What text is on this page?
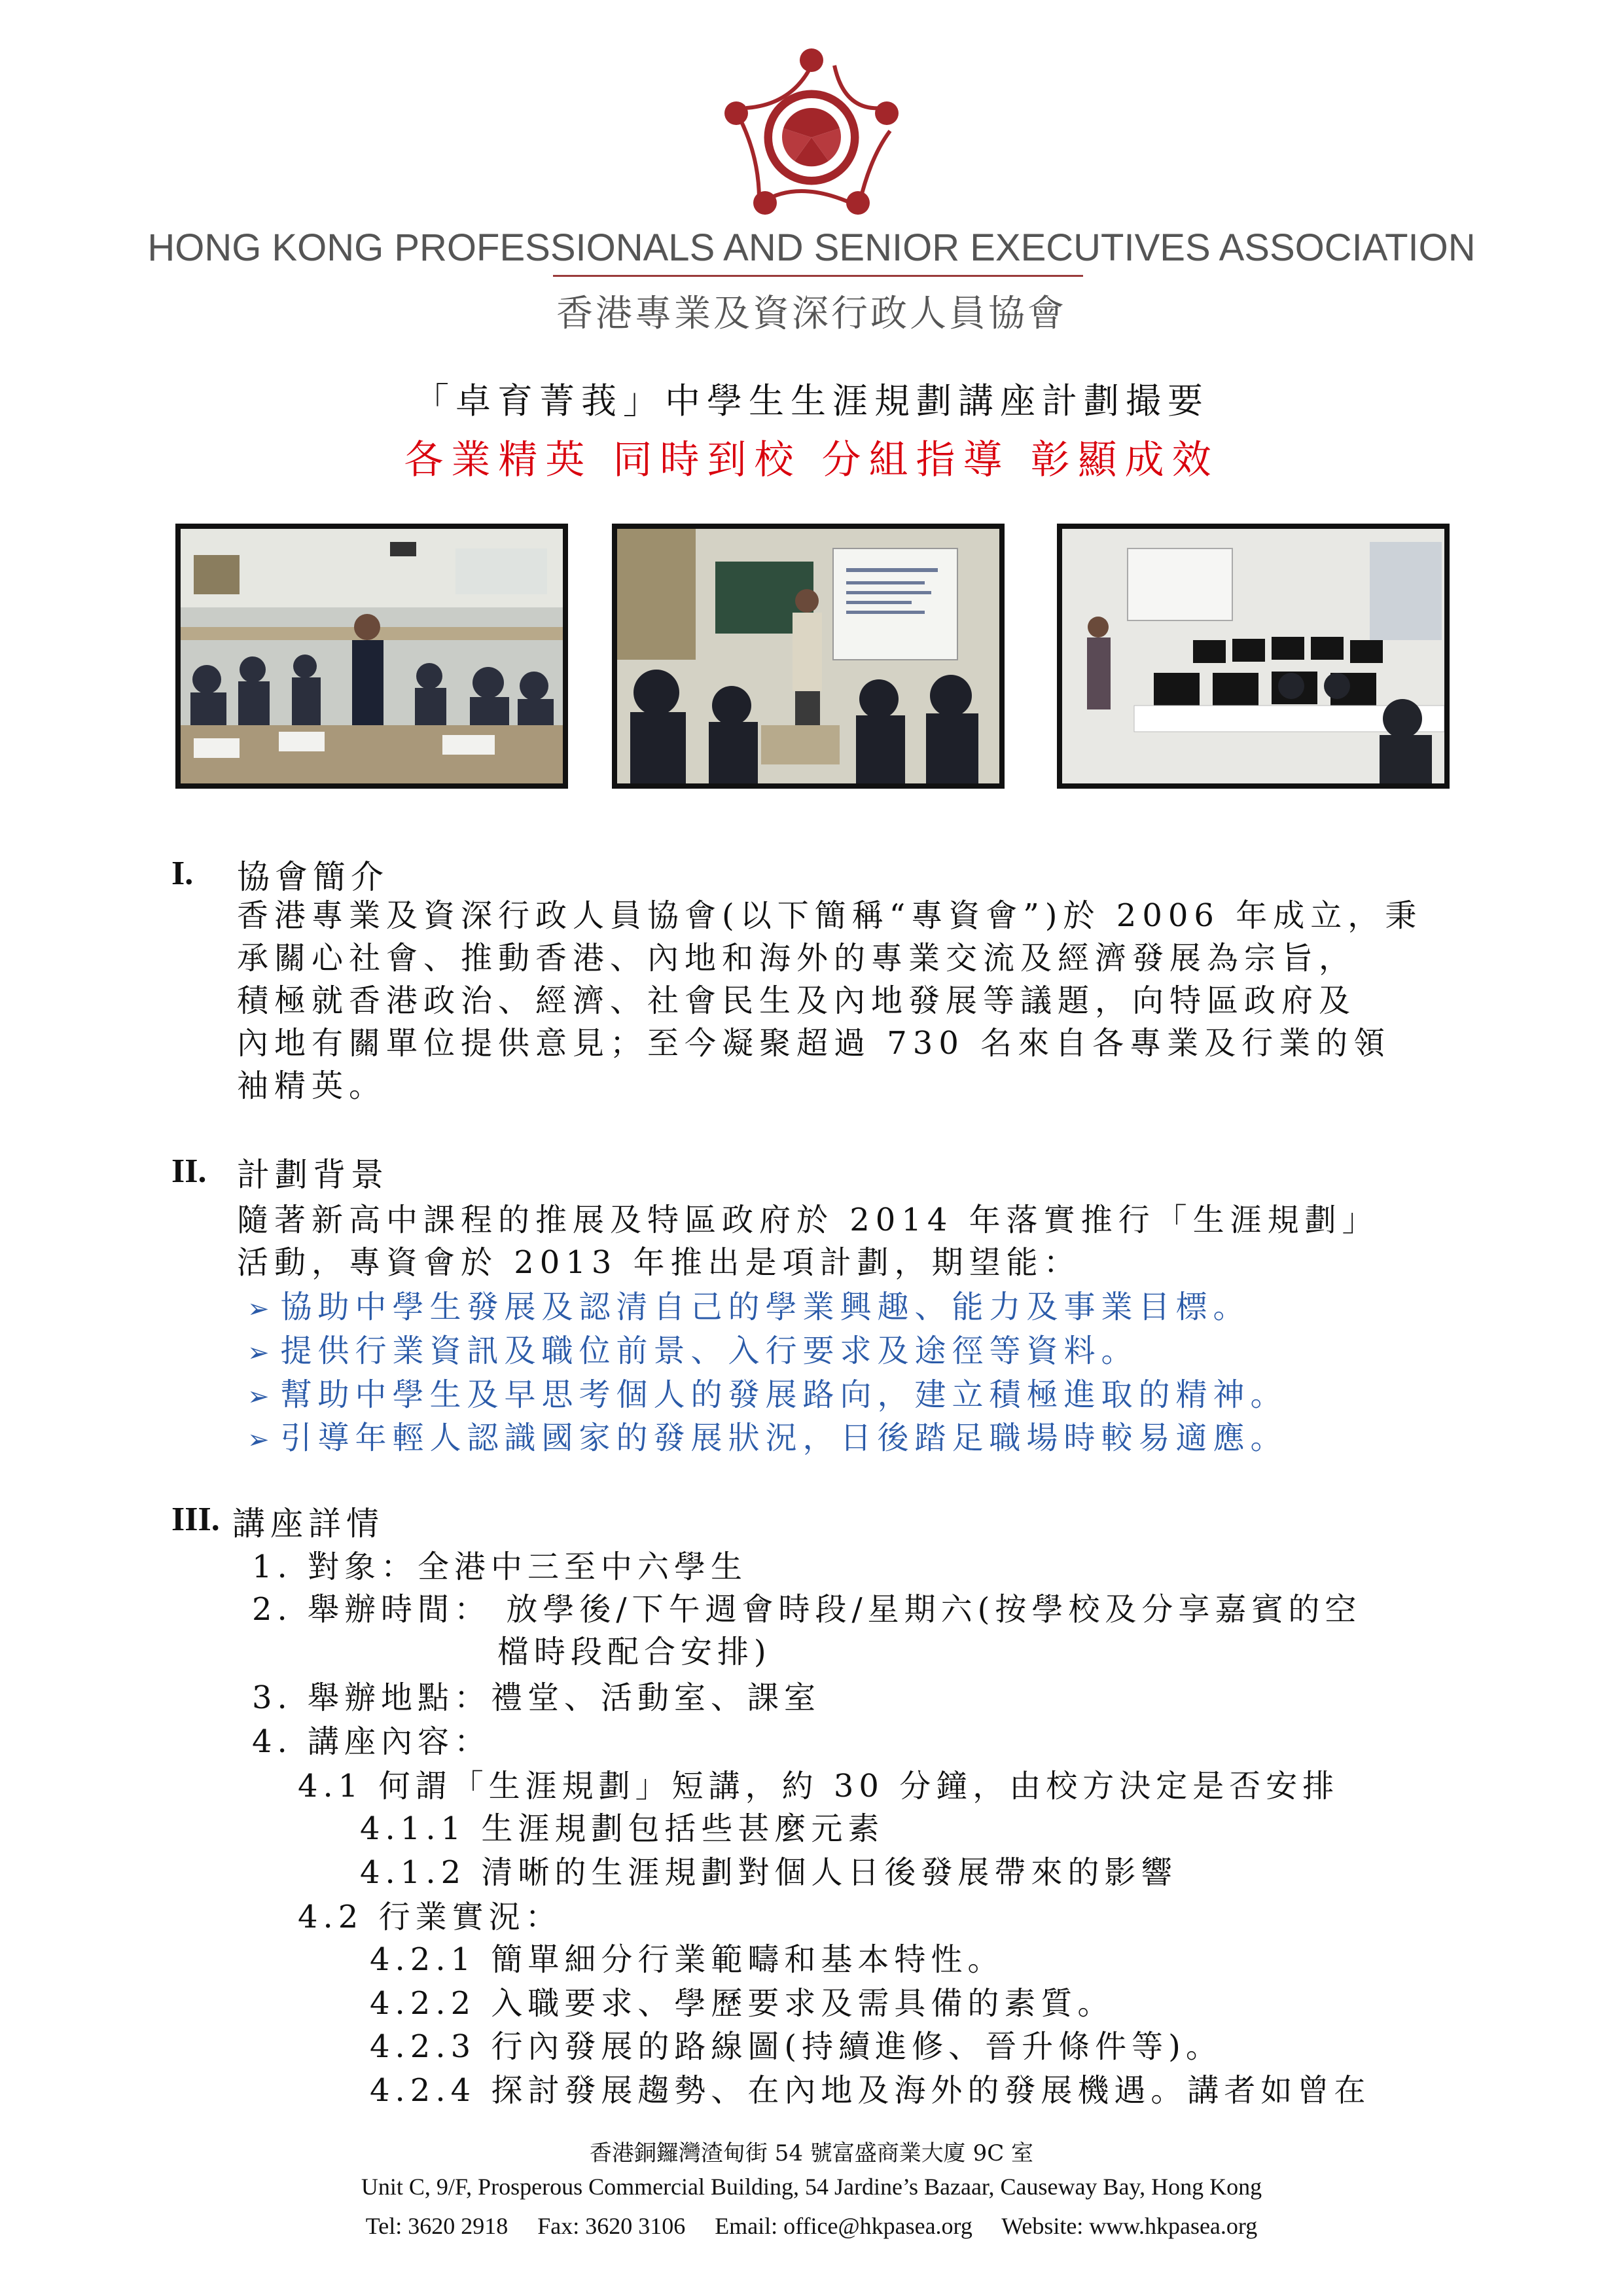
HONG KONG PROFESSIONALS AND SENIOR EXECUTIVES ASSOCIATION
香港專業及資深行政人員協會
「卓育菁莪」中學生生涯規劃講座計劃撮要
各業精英 同時到校 分組指導 彰顯成效
I. 協會簡介
香港專業及資深行政人員協會(以下簡稱“專資會”)於 2006 年成立，秉
承關心社會、推動香港、內地和海外的專業交流及經濟發展為宗旨，
積極就香港政治、經濟、社會民生及內地發展等議題，向特區政府及
內地有關單位提供意見；至今凝聚超過 730 名來自各專業及行業的領
袖精英。
II. 計劃背景
隨著新高中課程的推展及特區政府於 2014 年落實推行「生涯規劃」
活動，專資會於 2013 年推出是項計劃，期望能：
➢ 協助中學生發展及認清自己的學業興趣、能力及事業目標。
➢ 提供行業資訊及職位前景、入行要求及途徑等資料。
➢ 幫助中學生及早思考個人的發展路向，建立積極進取的精神。
➢ 引導年輕人認識國家的發展狀況，日後踏足職場時較易適應。
III. 講座詳情
1. 對象：全港中三至中六學生
2. 舉辦時間： 放學後/下午週會時段/星期六(按學校及分享嘉賓的空
檔時段配合安排)
3. 舉辦地點：禮堂、活動室、課室
4. 講座內容：
4.1 何謂「生涯規劃」短講，約 30 分鐘，由校方決定是否安排
4.1.1 生涯規劃包括些甚麼元素
4.1.2 清晰的生涯規劃對個人日後發展帶來的影響
4.2 行業實況：
4.2.1 簡單細分行業範疇和基本特性。
4.2.2 入職要求、學歷要求及需具備的素質。
4.2.3 行內發展的路線圖(持續進修、晉升條件等)。
4.2.4 探討發展趨勢、在內地及海外的發展機遇。講者如曾在
香港銅鑼灣渣甸街 54 號富盛商業大廈 9C 室
Unit C, 9/F, Prosperous Commercial Building, 54 Jardine’s Bazaar, Causeway Bay, Hong Kong
Tel: 3620 2918     Fax: 3620 3106     Email: office@hkpasea.org     Website: www.hkpasea.org
